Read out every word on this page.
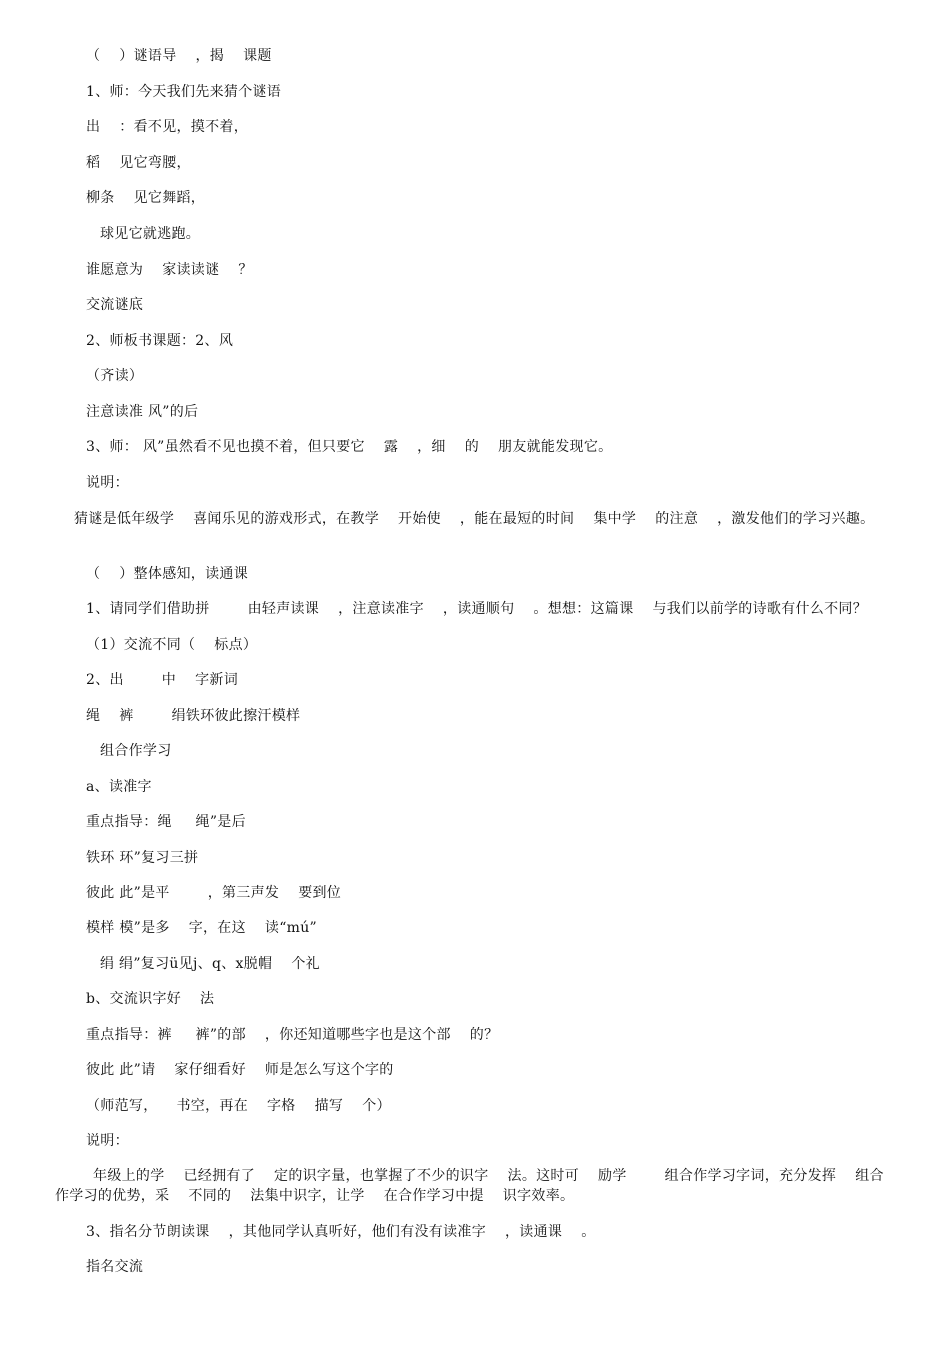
（    ）谜语导    ，揭    课题
1、师：今天我们先来猜个谜语
出    ：看不见，摸不着，
稻    见它弯腰，
柳条    见它舞蹈，
球见它就逃跑。
谁愿意为    家读读谜    ？
交流谜底
2、师板书课题：2、风
（齐读）
注意读准 风”的后
3、师： 风”虽然看不见也摸不着，但只要它    露    ，细    的    朋友就能发现它。
说明：
猜谜是低年级学    喜闻乐见的游戏形式，在教学    开始使    ，能在最短的时间    集中学    的注意    ，激发他们的学习兴趣。
（    ）整体感知，读通课
1、请同学们借助拼        由轻声读课    ，注意读准字    ，读通顺句    。想想：这篇课    与我们以前学的诗歌有什么不同？
（1）交流不同（    标点）
2、出        中    字新词
绳    裤        绢铁环彼此擦汗模样
组合作学习
a、读准字
重点指导：绳     绳”是后
铁环 环”复习三拼
彼此 此”是平        ，第三声发    要到位
模样 模”是多    字，在这    读“mú”
绢 绢”复习ü见j、q、x脱帽    个礼
b、交流识字好    法
重点指导：裤     裤”的部    ，你还知道哪些字也是这个部    的？
彼此 此”请    家仔细看好    师是怎么写这个字的
（师范写，    书空，再在    字格    描写    个）
说明：
年级上的学    已经拥有了    定的识字量，也掌握了不少的识字    法。这时可    励学        组合作学习字词，充分发挥    组合作学习的优势，采    不同的    法集中识字，让学    在合作学习中提    识字效率。
3、指名分节朗读课    ，其他同学认真听好，他们有没有读准字    ，读通课    。
指名交流
